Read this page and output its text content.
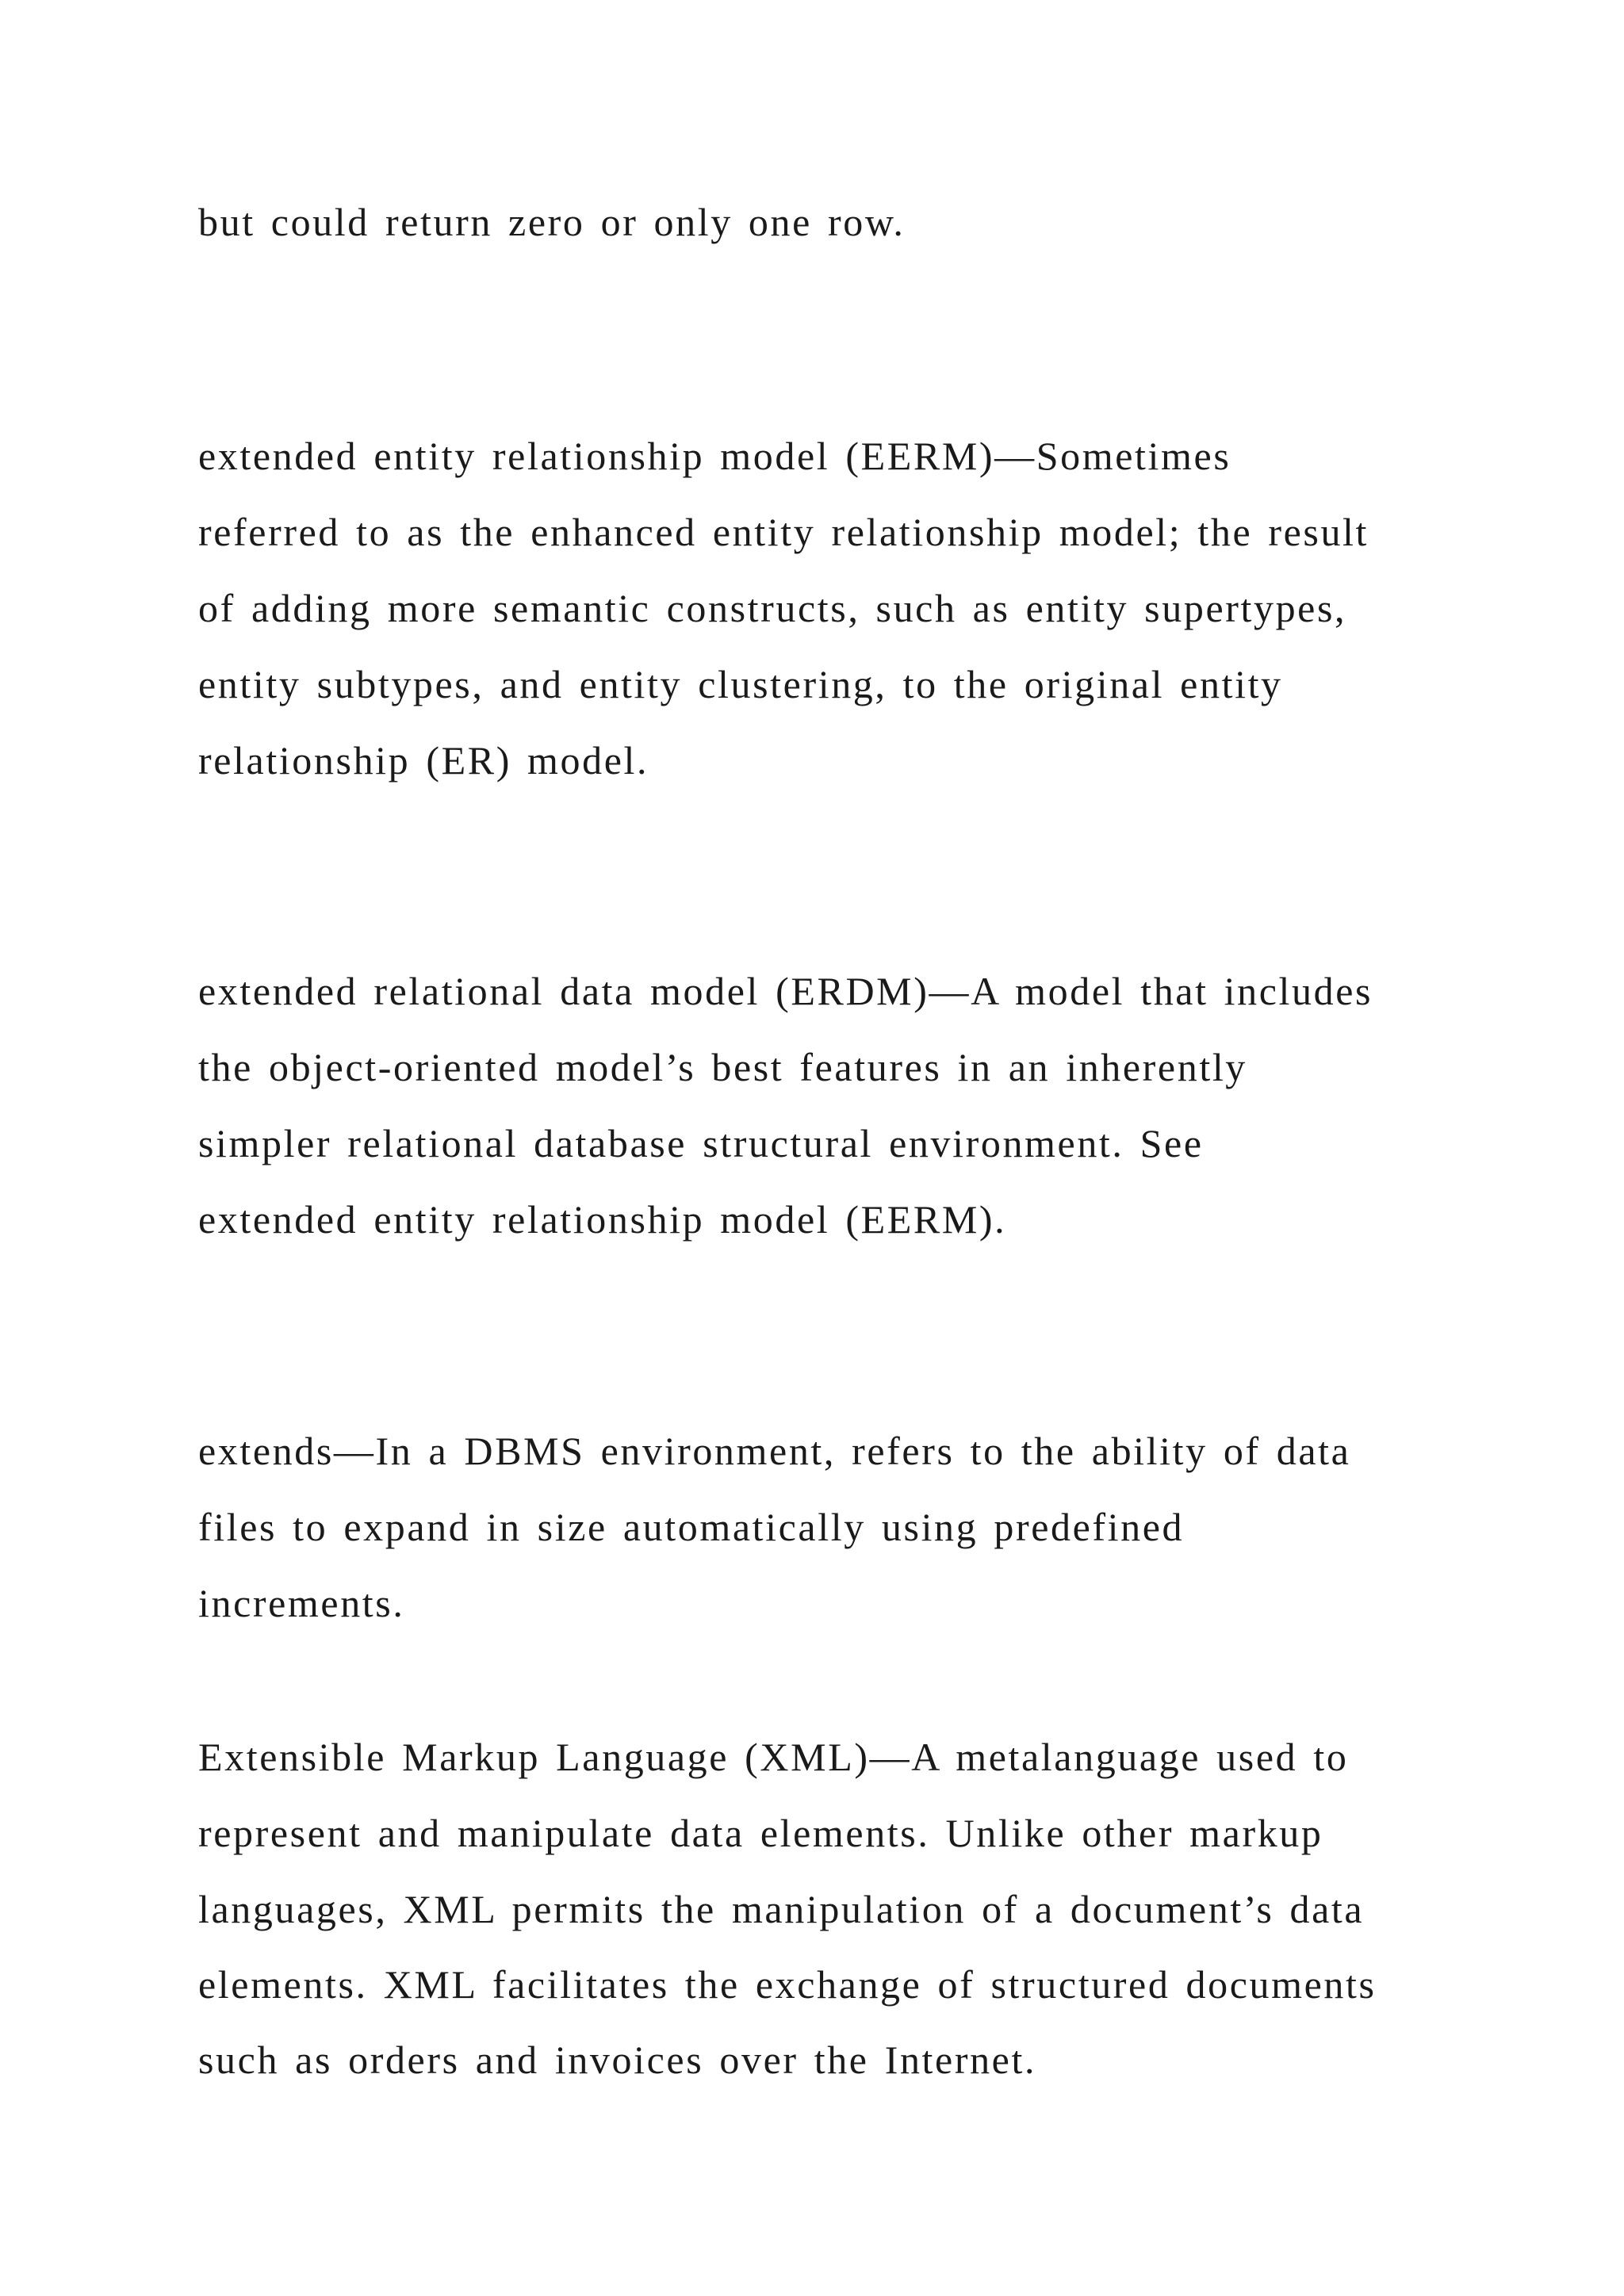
but could return zero or only one row.

extended entity relationship model (EERM)—Sometimes

referred to as the enhanced entity relationship model; the result

of adding more semantic constructs, such as entity supertypes,

entity subtypes, and entity clustering, to the original entity

relationship (ER) model.

extended relational data model (ERDM)—A model that includes

the object-oriented model’s best features in an inherently

simpler relational database structural environment. See

extended entity relationship model (EERM).

extends—In a DBMS environment, refers to the ability of data

files to expand in size automatically using predefined

increments.

Extensible Markup Language (XML)—A metalanguage used to

represent and manipulate data elements. Unlike other markup

languages, XML permits the manipulation of a document’s data

elements. XML facilitates the exchange of structured documents

such as orders and invoices over the Internet.
